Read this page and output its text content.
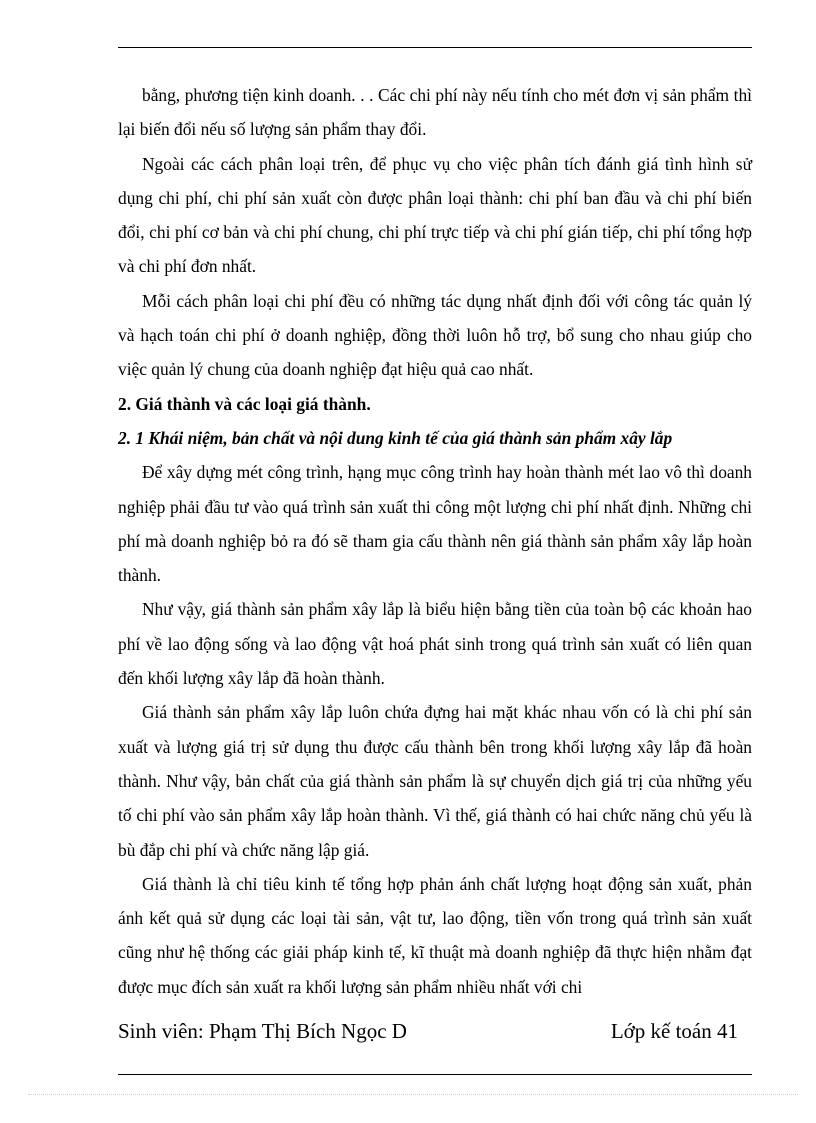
bằng, phương tiện kinh doanh. . . Các chi phí này nếu tính cho mét đơn vị sản phẩm thì lại biến đổi nếu số lượng sản phẩm thay đổi.

Ngoài các cách phân loại trên, để phục vụ cho việc phân tích đánh giá tình hình sử dụng chi phí, chi phí sản xuất còn được phân loại thành: chi phí ban đầu và chi phí biến đổi, chi phí cơ bản và chi phí chung, chi phí trực tiếp và chi phí gián tiếp, chi phí tổng hợp và chi phí đơn nhất.

Mỗi cách phân loại chi phí đều có những tác dụng nhất định đối với công tác quản lý và hạch toán chi phí ở doanh nghiệp, đồng thời luôn hỗ trợ, bổ sung cho nhau giúp cho việc quản lý chung của doanh nghiệp đạt hiệu quả cao nhất.

2. Giá thành và các loại giá thành.
2. 1 Khái niệm, bản chất và nội dung kinh tế của giá thành sản phẩm xây lắp

Để xây dựng mét công trình, hạng mục công trình hay hoàn thành mét lao vô thì doanh nghiệp phải đầu tư vào quá trình sản xuất thi công một lượng chi phí nhất định. Những chi phí mà doanh nghiệp bỏ ra đó sẽ tham gia cấu thành nên giá thành sản phẩm xây lắp hoàn thành.

Như vậy, giá thành sản phẩm xây lắp là biểu hiện bằng tiền của toàn bộ các khoản hao phí về lao động sống và lao động vật hoá phát sinh trong quá trình sản xuất có liên quan đến khối lượng xây lắp đã hoàn thành.

Giá thành sản phẩm xây lắp luôn chứa đựng hai mặt khác nhau vốn có là chi phí sản xuất và lượng giá trị sử dụng thu được cấu thành bên trong khối lượng xây lắp đã hoàn thành. Như vậy, bản chất của giá thành sản phẩm là sự chuyển dịch giá trị của những yếu tố chi phí vào sản phẩm xây lắp hoàn thành. Vì thế, giá thành có hai chức năng chủ yếu là bù đắp chi phí và chức năng lập giá.

Giá thành là chỉ tiêu kinh tế tổng hợp phản ánh chất lượng hoạt động sản xuất, phản ánh kết quả sử dụng các loại tài sản, vật tư, lao động, tiền vốn trong quá trình sản xuất cũng như hệ thống các giải pháp kinh tế, kĩ thuật mà doanh nghiệp đã thực hiện nhằm đạt được mục đích sản xuất ra khối lượng sản phẩm nhiều nhất với chi

Sinh viên: Phạm Thị Bích Ngọc D	Lớp kế toán 41
